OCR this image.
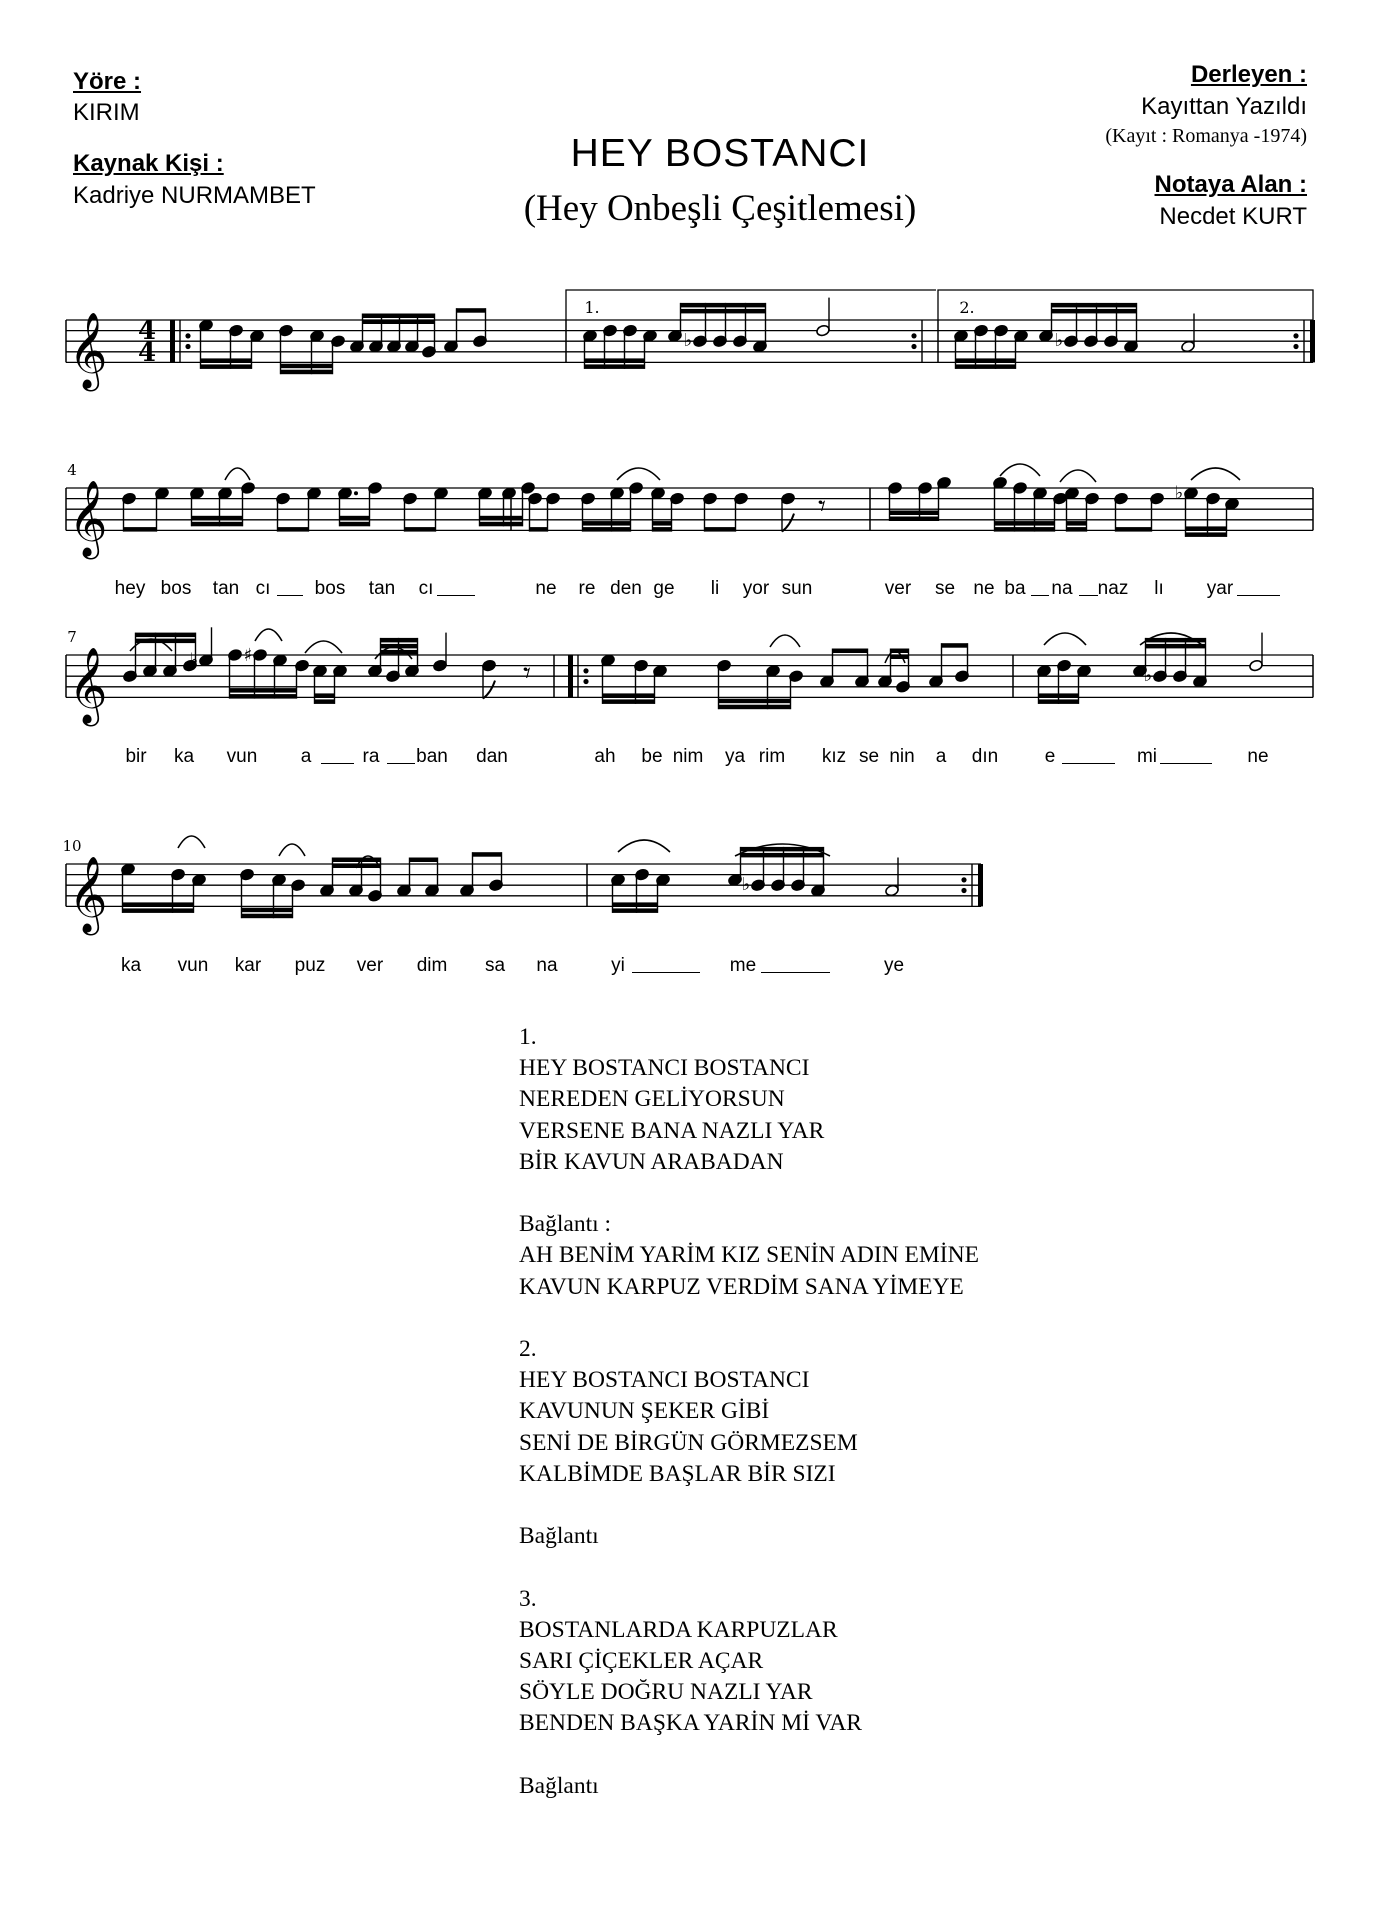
Yöre :
KIRIM
Kaynak Kişi :
Kadriye NURMAMBET
Derleyen :
Kayıttan Yazıldı
(Kayıt : Romanya -1974)
Notaya Alan :
Necdet KURT
HEY BOSTANCI
(Hey Onbeşli Çeşitlemesi)
𝄞
𝄞
𝄞
𝄞
4
4
1.	2.
4
7
10
♭	♭
𝄾	♭
♭	♯
𝄾	♭
♭
hey bos tan cı bos tan cı	ne re den ge li yor sun	ver se ne ba na naz lı yar
bir ka vun a	ra ban dan	ah be nim ya rim kız se nin a dın e	mi	ne
ka vun kar puz ver dim sa na	yi	me	ye
1.
HEY BOSTANCI BOSTANCI
NEREDEN GELİYORSUN
VERSENE BANA NAZLI YAR
BİR KAVUN ARABADAN
Bağlantı :
AH BENİM YARİM KIZ SENİN ADIN EMİNE
KAVUN KARPUZ VERDİM SANA YİMEYE
2.
HEY BOSTANCI BOSTANCI
KAVUNUN ŞEKER GİBİ
SENİ DE BİRGÜN GÖRMEZSEM
KALBİMDE BAŞLAR BİR SIZI
Bağlantı
3.
BOSTANLARDA KARPUZLAR
SARI ÇİÇEKLER AÇAR
SÖYLE DOĞRU NAZLI YAR
BENDEN BAŞKA YARİN Mİ VAR
Bağlantı
